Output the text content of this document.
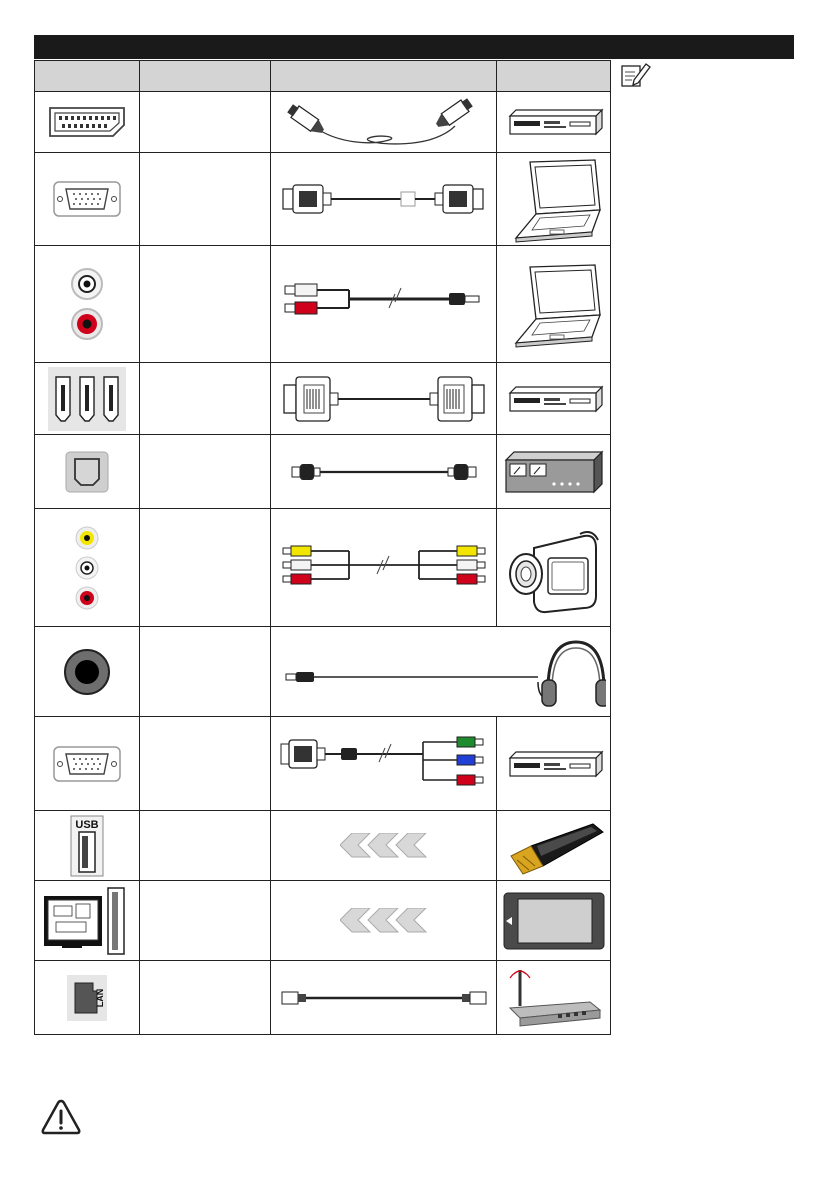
USB

LAN
